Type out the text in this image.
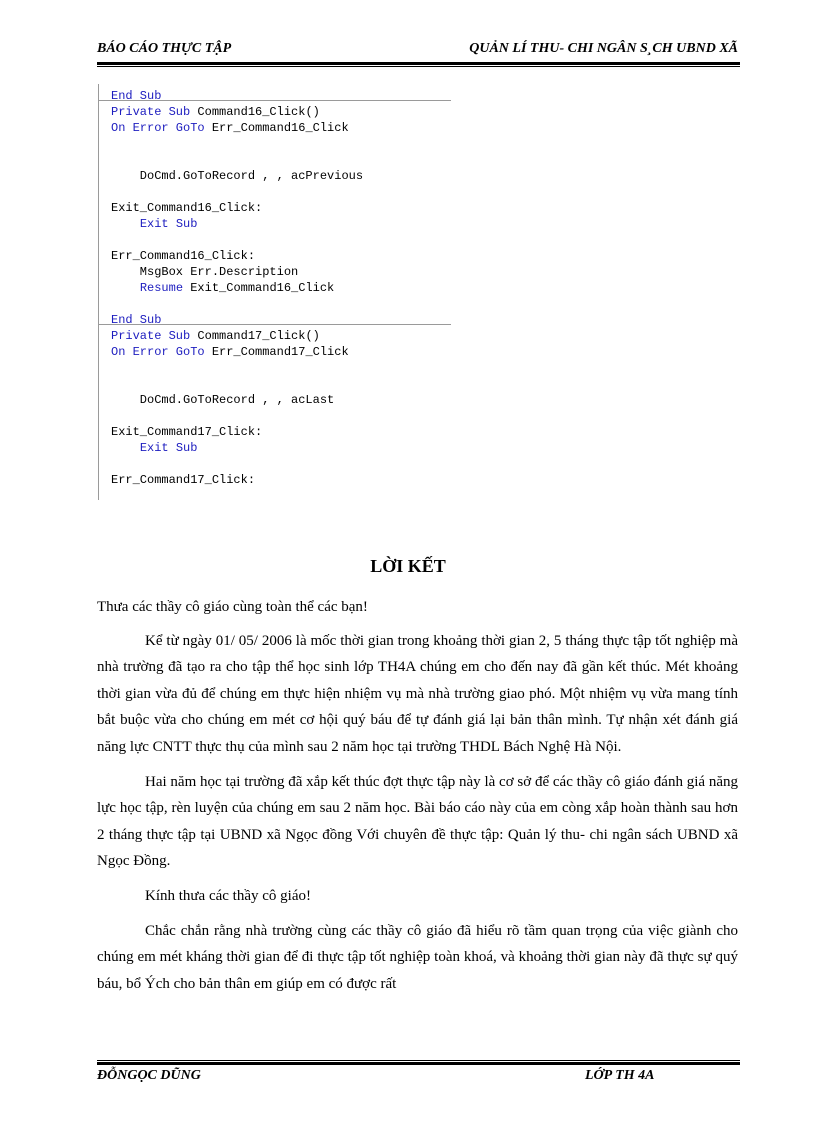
BÁO CÁO THỰC TẬP	QUẢN LÍ THU- CHI NGÂN S¸CH UBND XÃ
End Sub
Private Sub Command16_Click()
On Error GoTo Err_Command16_Click
DoCmd.GoToRecord , , acPrevious
Exit_Command16_Click:
Exit Sub
Err_Command16_Click:
MsgBox Err.Description
Resume Exit_Command16_Click
End Sub
Private Sub Command17_Click()
On Error GoTo Err_Command17_Click
DoCmd.GoToRecord , , acLast
Exit_Command17_Click:
Exit Sub
Err_Command17_Click:
LỜI KẾT

Thưa các thầy cô giáo cùng toàn thể các bạn!

Kể từ ngày 01/ 05/ 2006 là mốc thời gian trong khoảng thời gian 2, 5 tháng thực tập tốt nghiệp mà nhà trường đã tạo ra cho tập thể học sinh lớp TH4A chúng em cho đến nay đã gần kết thúc. Mét khoảng thời gian vừa đủ để chúng em thực hiện nhiệm vụ mà nhà trường giao phó. Một nhiệm vụ vừa mang tính bắt buộc vừa cho chúng em mét cơ hội quý báu để tự đánh giá lại bản thân mình. Tự nhận xét đánh giá năng lực CNTT thực thụ của mình sau 2 năm học tại trường THDL Bách Nghệ Hà Nội.

Hai năm học tại trường đã xắp kết thúc đợt thực tập này là cơ sở để các thầy cô giáo đánh giá năng lực học tập, rèn luyện của chúng em sau 2 năm học. Bài báo cáo này của em còng xắp hoàn thành sau hơn 2 tháng thực tập tại UBND xã Ngọc đồng Với chuyên đề thực tập: Quản lý thu- chi ngân sách UBND xã Ngọc Đồng.

Kính thưa các thầy cô giáo!

Chắc chắn rằng nhà trường cùng các thầy cô giáo đã hiểu rõ tầm quan trọng của việc giành cho chúng em mét kháng thời gian để đi thực tập tốt nghiệp toàn khoá, và khoảng thời gian này đã thực sự quý báu, bổ Ých cho bản thân em giúp em có được rất

ĐỖNGỌC DŨNG	LỚP TH 4A
